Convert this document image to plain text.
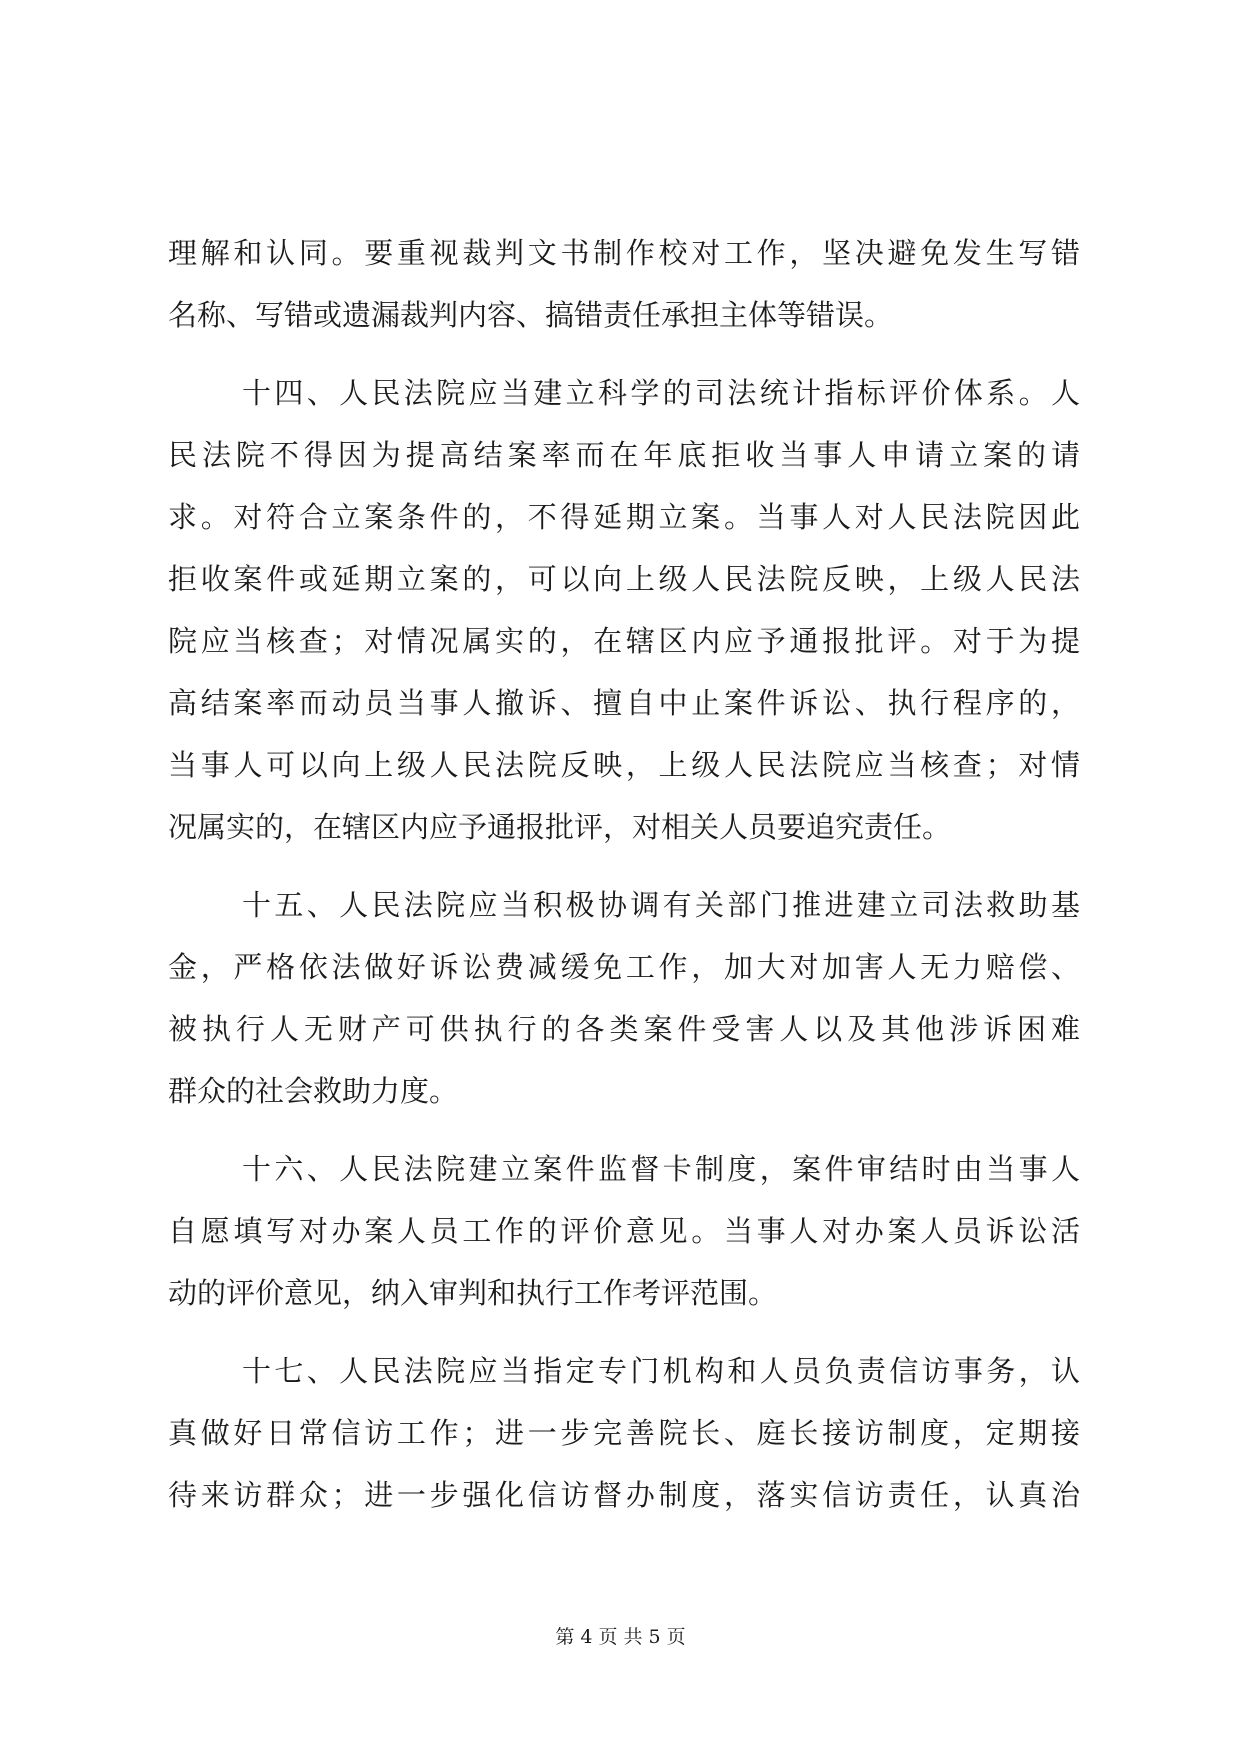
理解和认同。要重视裁判文书制作校对工作，坚决避免发生写错
名称、写错或遗漏裁判内容、搞错责任承担主体等错误。
十四、人民法院应当建立科学的司法统计指标评价体系。人
民法院不得因为提高结案率而在年底拒收当事人申请立案的请
求。对符合立案条件的，不得延期立案。当事人对人民法院因此
拒收案件或延期立案的，可以向上级人民法院反映，上级人民法
院应当核查；对情况属实的，在辖区内应予通报批评。对于为提
高结案率而动员当事人撤诉、擅自中止案件诉讼、执行程序的，
当事人可以向上级人民法院反映，上级人民法院应当核查；对情
况属实的，在辖区内应予通报批评，对相关人员要追究责任。
十五、人民法院应当积极协调有关部门推进建立司法救助基
金，严格依法做好诉讼费减缓免工作，加大对加害人无力赔偿、
被执行人无财产可供执行的各类案件受害人以及其他涉诉困难
群众的社会救助力度。
十六、人民法院建立案件监督卡制度，案件审结时由当事人
自愿填写对办案人员工作的评价意见。当事人对办案人员诉讼活
动的评价意见，纳入审判和执行工作考评范围。
十七、人民法院应当指定专门机构和人员负责信访事务，认
真做好日常信访工作；进一步完善院长、庭长接访制度，定期接
待来访群众；进一步强化信访督办制度，落实信访责任，认真治
第 4 页 共 5 页
